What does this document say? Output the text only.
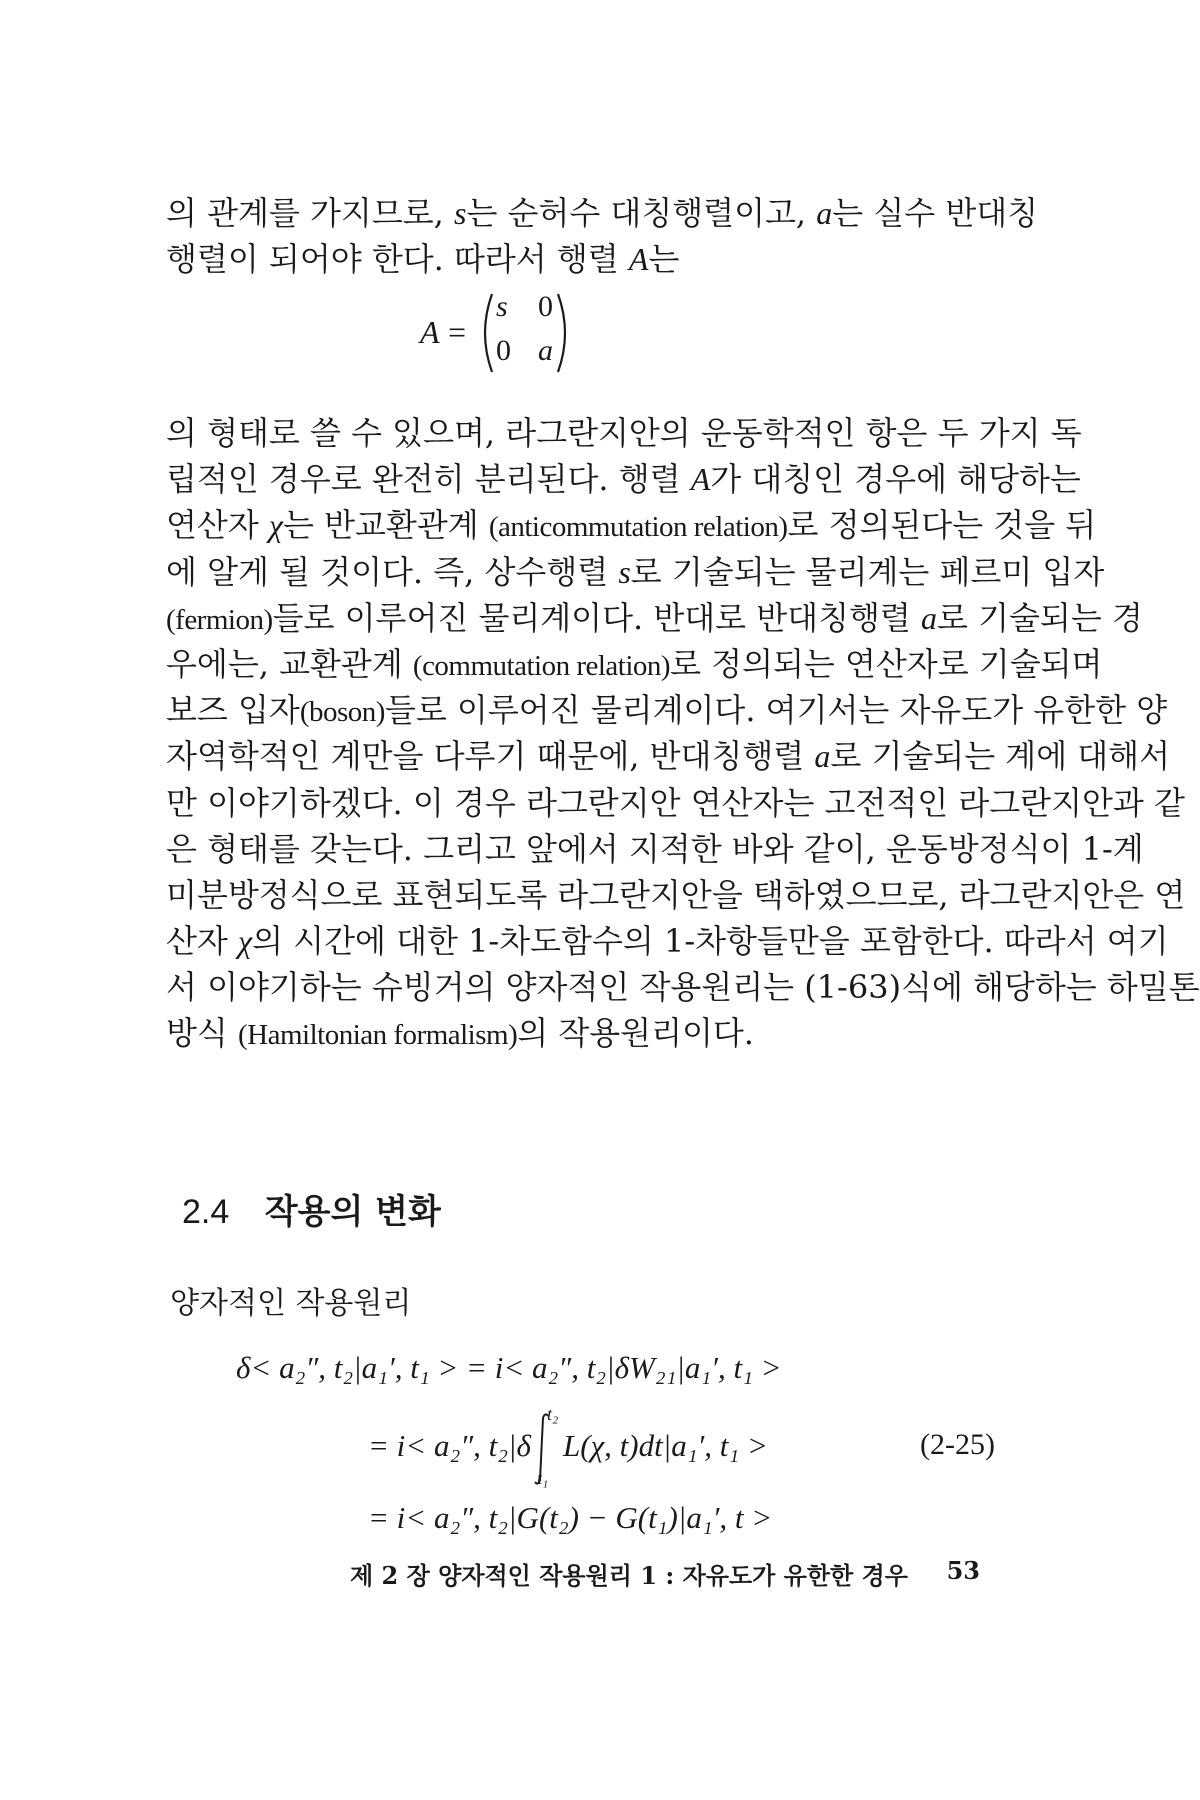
의 관계를 가지므로, s는 순허수 대칭행렬이고, a는 실수 반대칭
행렬이 되어야 한다. 따라서 행렬 A는
A =
s 0
0 a
의 형태로 쓸 수 있으며, 라그란지안의 운동학적인 항은 두 가지 독
립적인 경우로 완전히 분리된다. 행렬 A가 대칭인 경우에 해당하는
연산자 χ는 반교환관계 (anticommutation relation)로 정의된다는 것을 뒤
에 알게 될 것이다. 즉, 상수행렬 s로 기술되는 물리계는 페르미 입자
(fermion)들로 이루어진 물리계이다. 반대로 반대칭행렬 a로 기술되는 경
우에는, 교환관계 (commutation relation)로 정의되는 연산자로 기술되며
보즈 입자(boson)들로 이루어진 물리계이다. 여기서는 자유도가 유한한 양
자역학적인 계만을 다루기 때문에, 반대칭행렬 a로 기술되는 계에 대해서
만 이야기하겠다. 이 경우 라그란지안 연산자는 고전적인 라그란지안과 같
은 형태를 갖는다. 그리고 앞에서 지적한 바와 같이, 운동방정식이 1-계
미분방정식으로 표현되도록 라그란지안을 택하였으므로, 라그란지안은 연
산자 χ의 시간에 대한 1-차도함수의 1-차항들만을 포함한다. 따라서 여기
서 이야기하는 슈빙거의 양자적인 작용원리는 (1-63)식에 해당하는 하밀톤
방식 (Hamiltonian formalism)의 작용원리이다.
2.4 작용의 변화
양자적인 작용원리
δ< a₂″, t₂|a₁′, t₁ > = i< a₂″, t₂|δW₂₁|a₁′, t₁ >
= i< a₂″, t₂|δ
t₂
t₁
L(χ, t)dt|a₁′, t₁ >
= i< a₂″, t₂|G(t₂) − G(t₁)|a₁′, t >
(2-25)
제 2 장 양자적인 작용원리 1 : 자유도가 유한한 경우 53
